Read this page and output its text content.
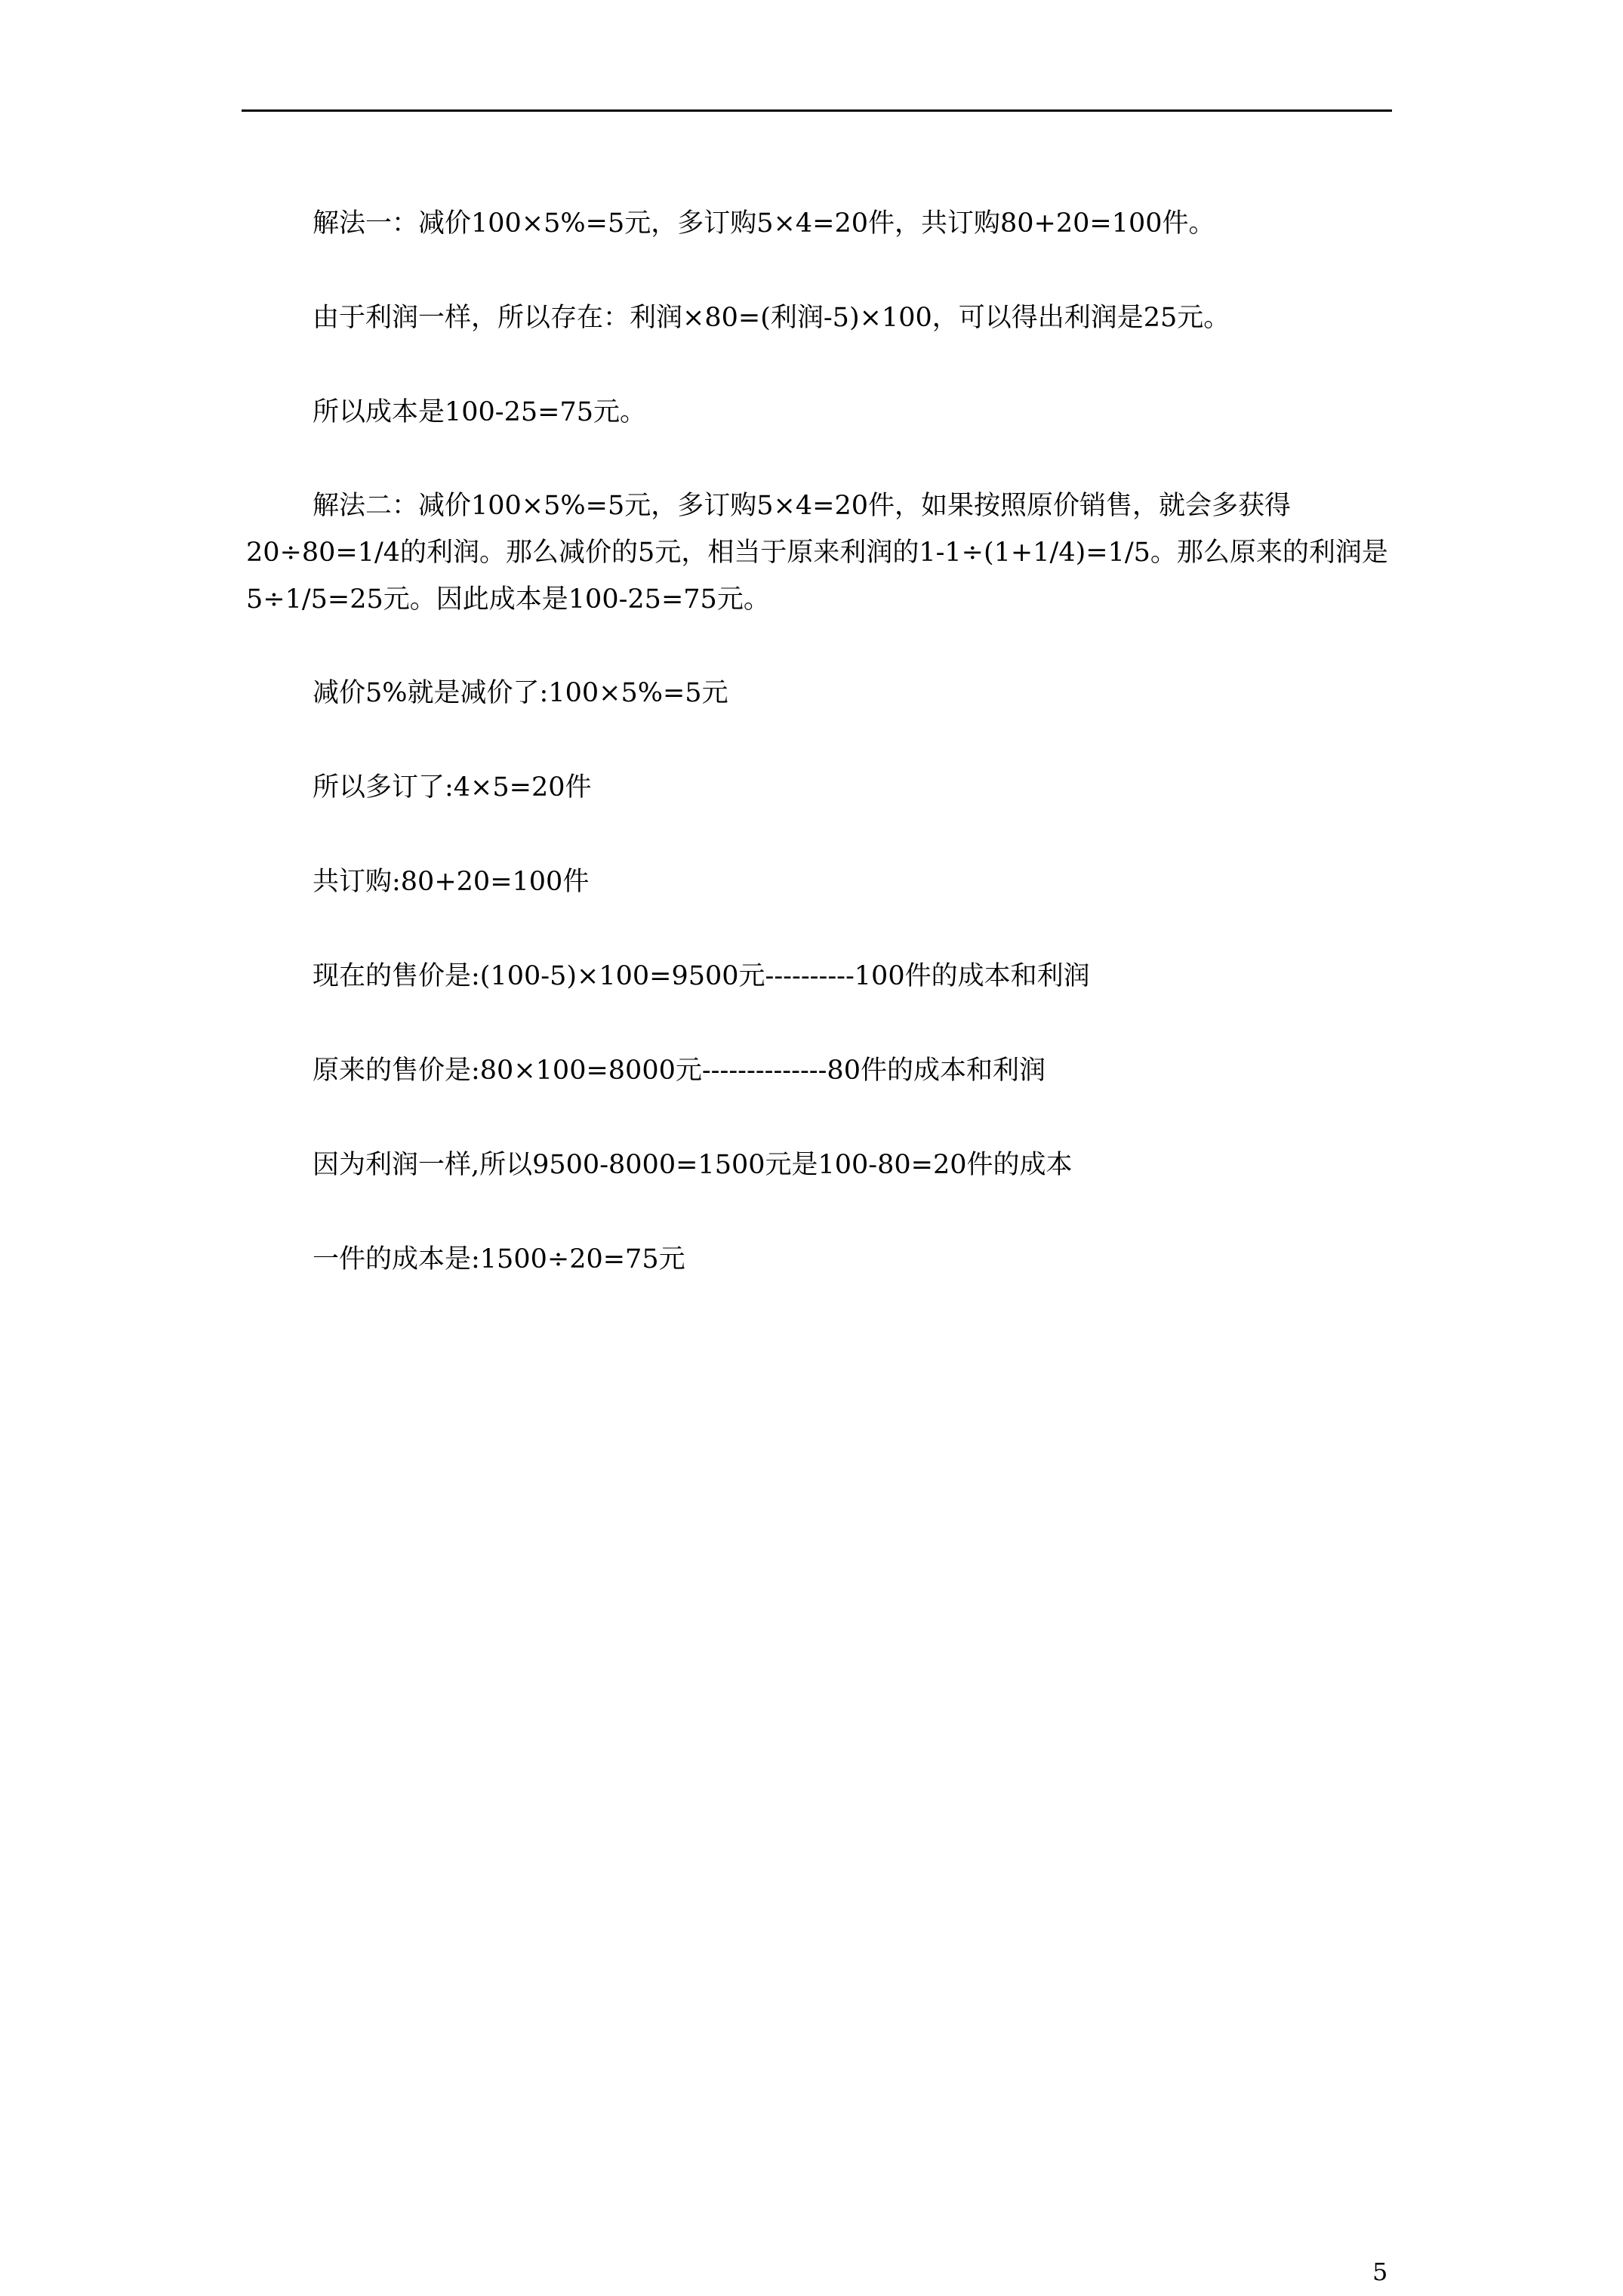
解法一：减价100×5%=5元，多订购5×4=20件，共订购80+20=100件。

由于利润一样，所以存在：利润×80=(利润-5)×100，可以得出利润是25元。

所以成本是100-25=75元。

解法二：减价100×5%=5元，多订购5×4=20件，如果按照原价销售，就会多获得20÷80=1/4的利润。那么减价的5元，相当于原来利润的1-1÷(1+1/4)=1/5。那么原来的利润是5÷1/5=25元。因此成本是100-25=75元。

减价5%就是减价了:100×5%=5元

所以多订了:4×5=20件

共订购:80+20=100件

现在的售价是:(100-5)×100=9500元----------100件的成本和利润

原来的售价是:80×100=8000元--------------80件的成本和利润

因为利润一样,所以9500-8000=1500元是100-80=20件的成本

一件的成本是:1500÷20=75元

5
